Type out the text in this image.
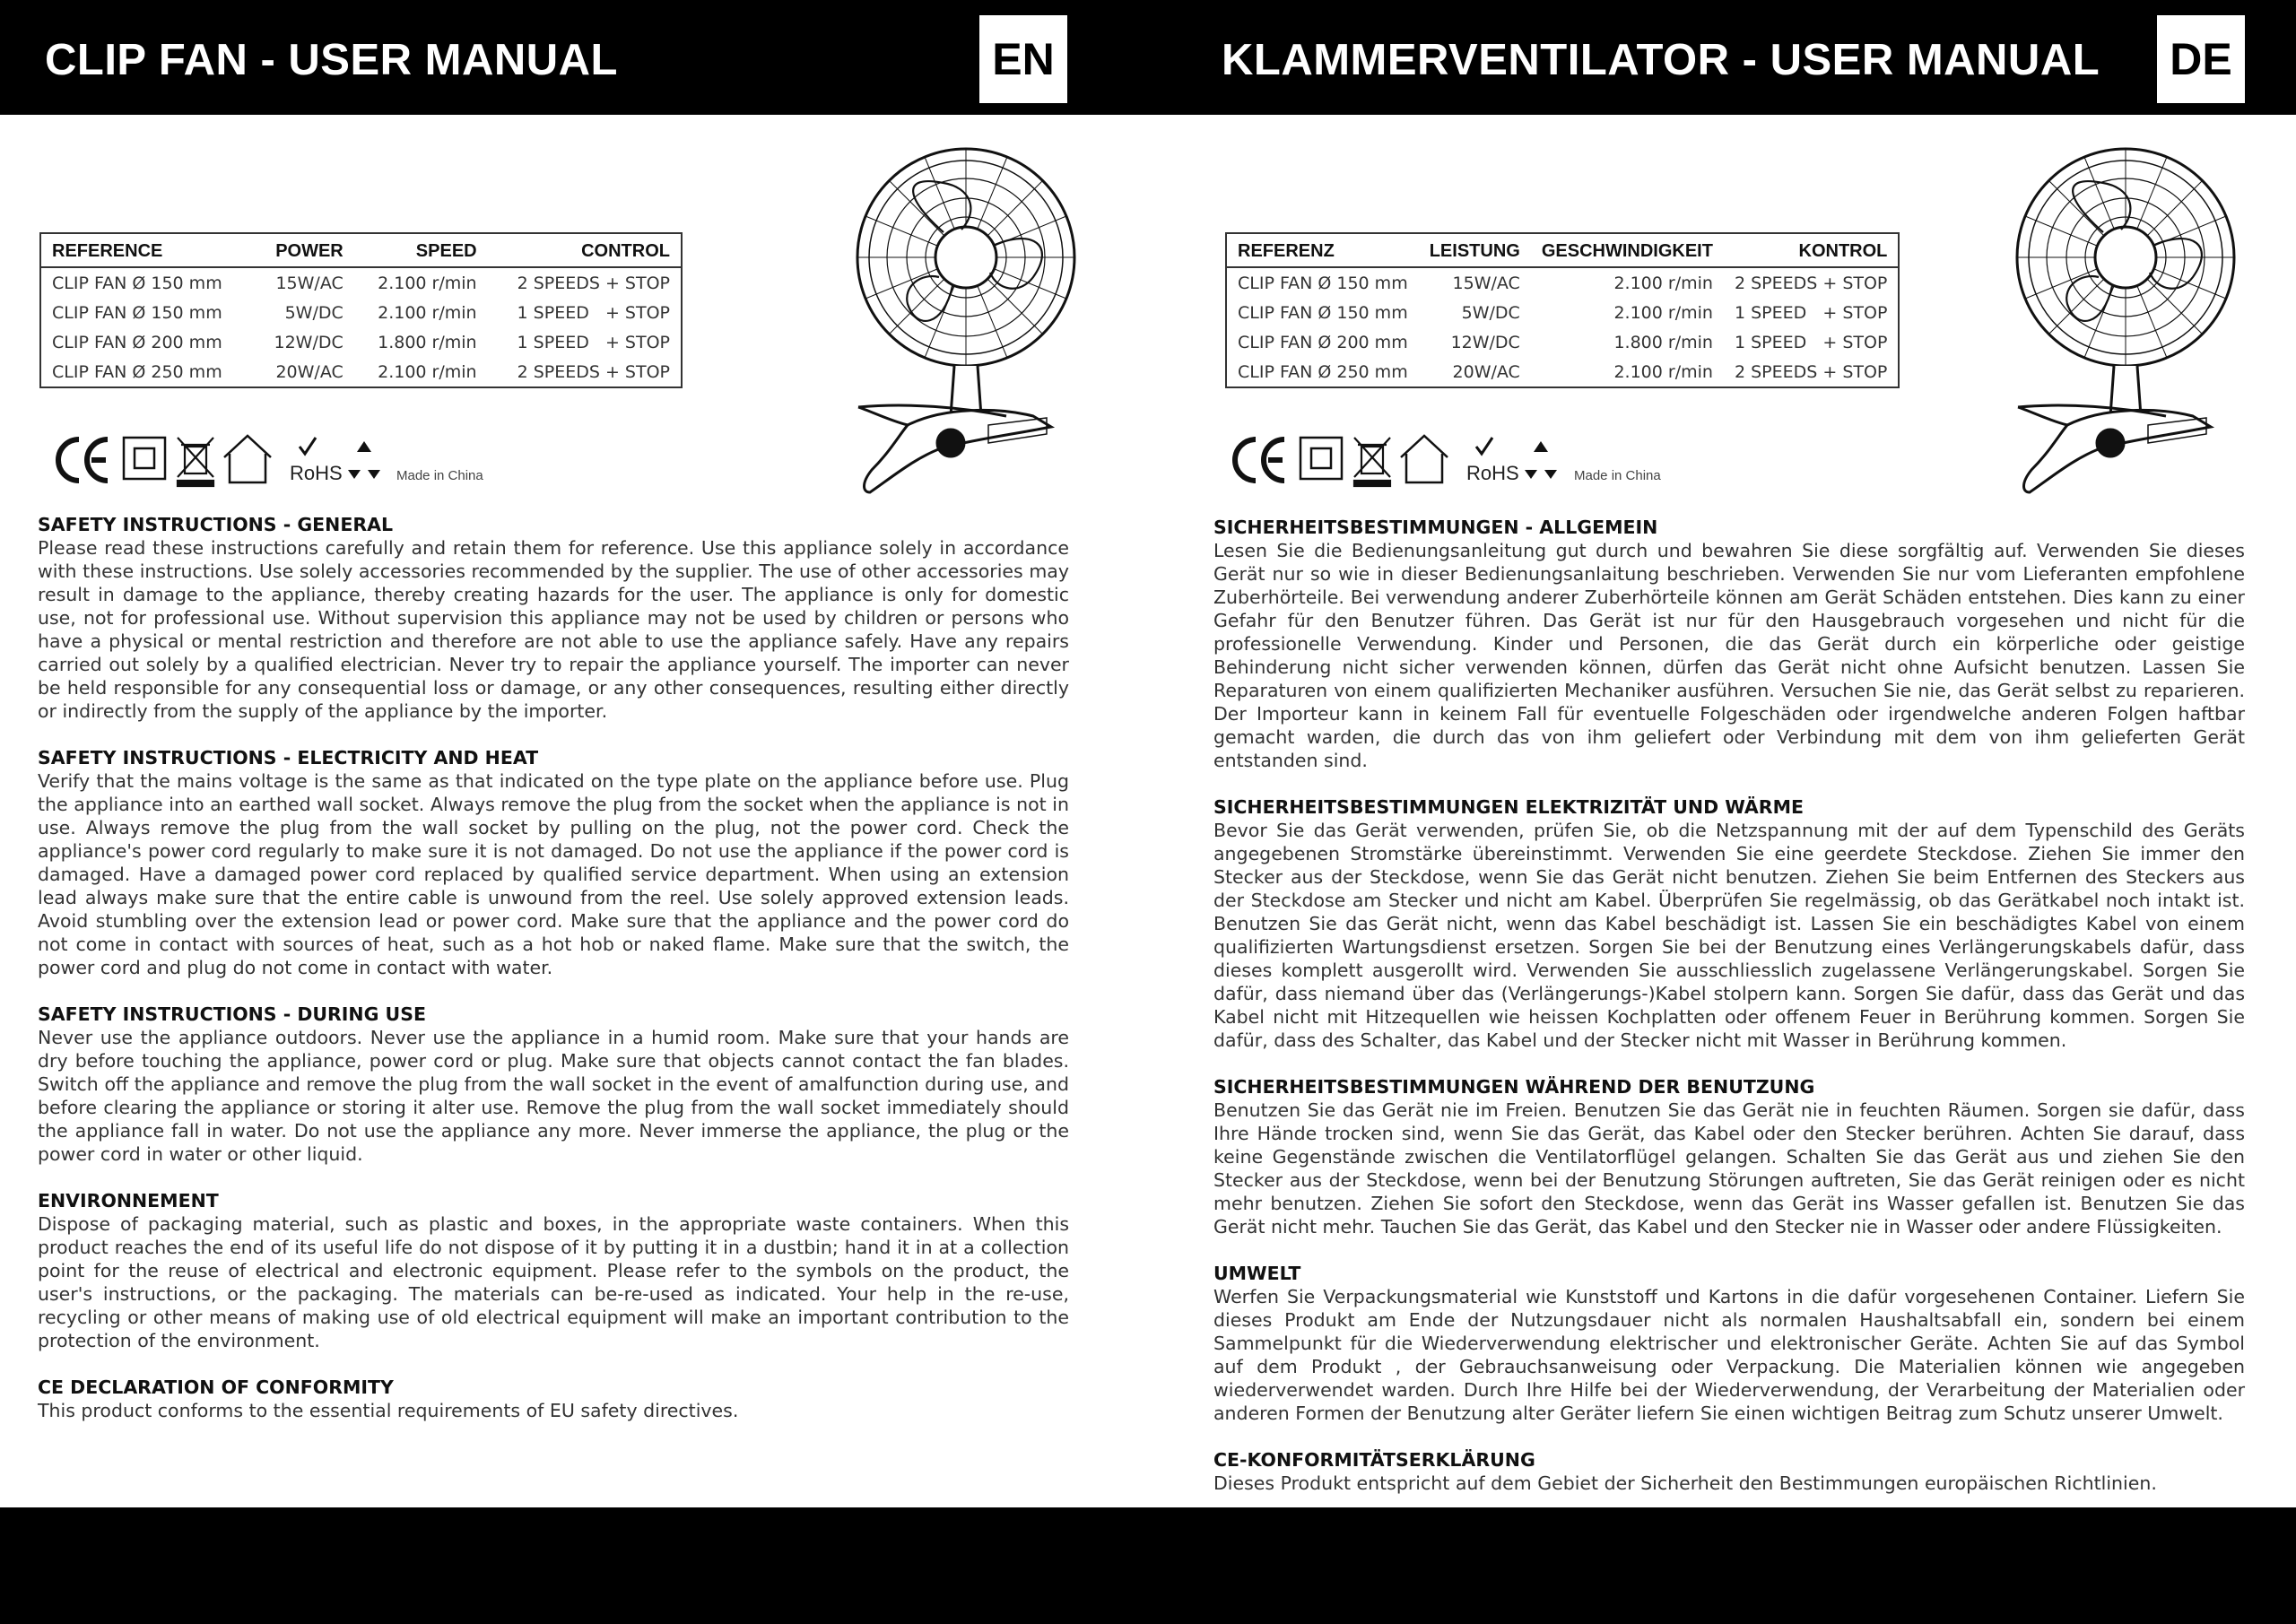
CLIP FAN - USER MANUAL	EN	KLAMMERVENTILATOR - USER MANUAL DE
REFERENCE	POWER	SPEED	CONTROL
CLIP FAN Ø 150 mm	15W/AC	2.100 r/min	2 SPEEDS + STOP
CLIP FAN Ø 150 mm	5W/DC	2.100 r/min	1 SPEED   + STOP
CLIP FAN Ø 200 mm	12W/DC	1.800 r/min	1 SPEED   + STOP
CLIP FAN Ø 250 mm	20W/AC	2.100 r/min	2 SPEEDS + STOP
RoHS	Made in China
SAFETY INSTRUCTIONS - GENERAL
Please read these instructions carefully and retain them for reference. Use this appliance solely in accordance with these instructions. Use solely accessories recommended by the supplier. The use of other accessories may result in damage to the appliance, thereby creating hazards for the user. The appliance is only for domestic use, not for professional use. Without supervision this appliance may not be used by children or persons who have a physical or mental restriction and therefore are not able to use the appliance safely. Have any repairs carried out solely by a qualified electrician. Never try to repair the appliance yourself. The importer can never be held responsible for any consequential loss or damage, or any other consequences, resulting either directly or indirectly from the supply of the appliance by the importer.
SAFETY INSTRUCTIONS - ELECTRICITY AND HEAT
Verify that the mains voltage is the same as that indicated on the type plate on the appliance before use. Plug the appliance into an earthed wall socket. Always remove the plug from the socket when the appliance is not in use. Always remove the plug from the wall socket by pulling on the plug, not the power cord. Check the appliance's power cord regularly to make sure it is not damaged. Do not use the appliance if the power cord is damaged. Have a damaged power cord replaced by qualified service department. When using an extension lead always make sure that the entire cable is unwound from the reel. Use solely approved extension leads. Avoid stumbling over the extension lead or power cord. Make sure that the appliance and the power cord do not come in contact with sources of heat, such as a hot hob or naked flame. Make sure that the switch, the power cord and plug do not come in contact with water.
SAFETY INSTRUCTIONS - DURING USE
Never use the appliance outdoors. Never use the appliance in a humid room. Make sure that your hands are dry before touching the appliance, power cord or plug. Make sure that objects cannot contact the fan blades. Switch off the appliance and remove the plug from the wall socket in the event of amalfunction during use, and before clearing the appliance or storing it alter use. Remove the plug from the wall socket immediately should the appliance fall in water. Do not use the appliance any more. Never immerse the appliance, the plug or the power cord in water or other liquid.
ENVIRONNEMENT
Dispose of packaging material, such as plastic and boxes, in the appropriate waste containers. When this product reaches the end of its useful life do not dispose of it by putting it in a dustbin; hand it in at a collection point for the reuse of electrical and electronic equipment. Please refer to the symbols on the product, the user's instructions, or the packaging. The materials can be-re-used as indicated. Your help in the re-use, recycling or other means of making use of old electrical equipment will make an important contribution to the protection of the environment.
CE DECLARATION OF CONFORMITY
This product conforms to the essential requirements of EU safety directives.
REFERENZ	LEISTUNG	GESCHWINDIGKEIT	KONTROL
CLIP FAN Ø 150 mm	15W/AC	2.100 r/min	2 SPEEDS + STOP
CLIP FAN Ø 150 mm	5W/DC	2.100 r/min	1 SPEED   + STOP
CLIP FAN Ø 200 mm	12W/DC	1.800 r/min	1 SPEED   + STOP
CLIP FAN Ø 250 mm	20W/AC	2.100 r/min	2 SPEEDS + STOP
RoHS	Made in China
SICHERHEITSBESTIMMUNGEN - ALLGEMEIN
Lesen Sie die Bedienungsanleitung gut durch und bewahren Sie diese sorgfältig auf. Verwenden Sie dieses Gerät nur so wie in dieser Bedienungsanlaitung beschrieben. Verwenden Sie nur vom Lieferanten empfohlene Zuberhörteile. Bei verwendung anderer Zuberhörteile können am Gerät Schäden entstehen. Dies kann zu einer Gefahr für den Benutzer führen. Das Gerät ist nur für den Hausgebrauch vorgesehen und nicht für die professionelle Verwendung. Kinder und Personen, die das Gerät durch ein körperliche oder geistige Behinderung nicht sicher verwenden können, dürfen das Gerät nicht ohne Aufsicht benutzen. Lassen Sie Reparaturen von einem qualifizierten Mechaniker ausführen. Versuchen Sie nie, das Gerät selbst zu reparieren. Der Importeur kann in keinem Fall für eventuelle Folgeschäden oder irgendwelche anderen Folgen haftbar gemacht warden, die durch das von ihm geliefert oder Verbindung mit dem von ihm gelieferten Gerät entstanden sind.
SICHERHEITSBESTIMMUNGEN ELEKTRIZITÄT UND WÄRME
Bevor Sie das Gerät verwenden, prüfen Sie, ob die Netzspannung mit der auf dem Typenschild des Geräts angegebenen Stromstärke übereinstimmt. Verwenden Sie eine geerdete Steckdose. Ziehen Sie immer den Stecker aus der Steckdose, wenn Sie das Gerät nicht benutzen. Ziehen Sie beim Entfernen des Steckers aus der Steckdose am Stecker und nicht am Kabel. Überprüfen Sie regelmässig, ob das Gerätkabel noch intakt ist. Benutzen Sie das Gerät nicht, wenn das Kabel beschädigt ist. Lassen Sie ein beschädigtes Kabel von einem qualifizierten Wartungsdienst ersetzen. Sorgen Sie bei der Benutzung eines Verlängerungskabels dafür, dass dieses komplett ausgerollt wird. Verwenden Sie ausschliesslich zugelassene Verlängerungskabel. Sorgen Sie dafür, dass niemand über das (Verlängerungs-)Kabel stolpern kann. Sorgen Sie dafür, dass das Gerät und das Kabel nicht mit Hitzequellen wie heissen Kochplatten oder offenem Feuer in Berührung kommen. Sorgen Sie dafür, dass des Schalter, das Kabel und der Stecker nicht mit Wasser in Berührung kommen.
SICHERHEITSBESTIMMUNGEN WÄHREND DER BENUTZUNG
Benutzen Sie das Gerät nie im Freien. Benutzen Sie das Gerät nie in feuchten Räumen. Sorgen sie dafür, dass Ihre Hände trocken sind, wenn Sie das Gerät, das Kabel oder den Stecker berühren. Achten Sie darauf, dass keine Gegenstände zwischen die Ventilatorflügel gelangen. Schalten Sie das Gerät aus und ziehen Sie den Stecker aus der Steckdose, wenn bei der Benutzung Störungen auftreten, Sie das Gerät reinigen oder es nicht mehr benutzen. Ziehen Sie sofort den Steckdose, wenn das Gerät ins Wasser gefallen ist. Benutzen Sie das Gerät nicht mehr. Tauchen Sie das Gerät, das Kabel und den Stecker nie in Wasser oder andere Flüssigkeiten.
UMWELT
Werfen Sie Verpackungsmaterial wie Kunststoff und Kartons in die dafür vorgesehenen Container. Liefern Sie dieses Produkt am Ende der Nutzungsdauer nicht als normalen Haushaltsabfall ein, sondern bei einem Sammelpunkt für die Wiederverwendung elektrischer und elektronischer Geräte. Achten Sie auf das Symbol auf dem Produkt , der Gebrauchsanweisung oder Verpackung. Die Materialien können wie angegeben wiederverwendet warden. Durch Ihre Hilfe bei der Wiederverwendung, der Verarbeitung der Materialien oder anderen Formen der Benutzung alter Geräter liefern Sie einen wichtigen Beitrag zum Schutz unserer Umwelt.
CE-KONFORMITÄTSERKLÄRUNG
Dieses Produkt entspricht auf dem Gebiet der Sicherheit den Bestimmungen europäischen Richtlinien.
